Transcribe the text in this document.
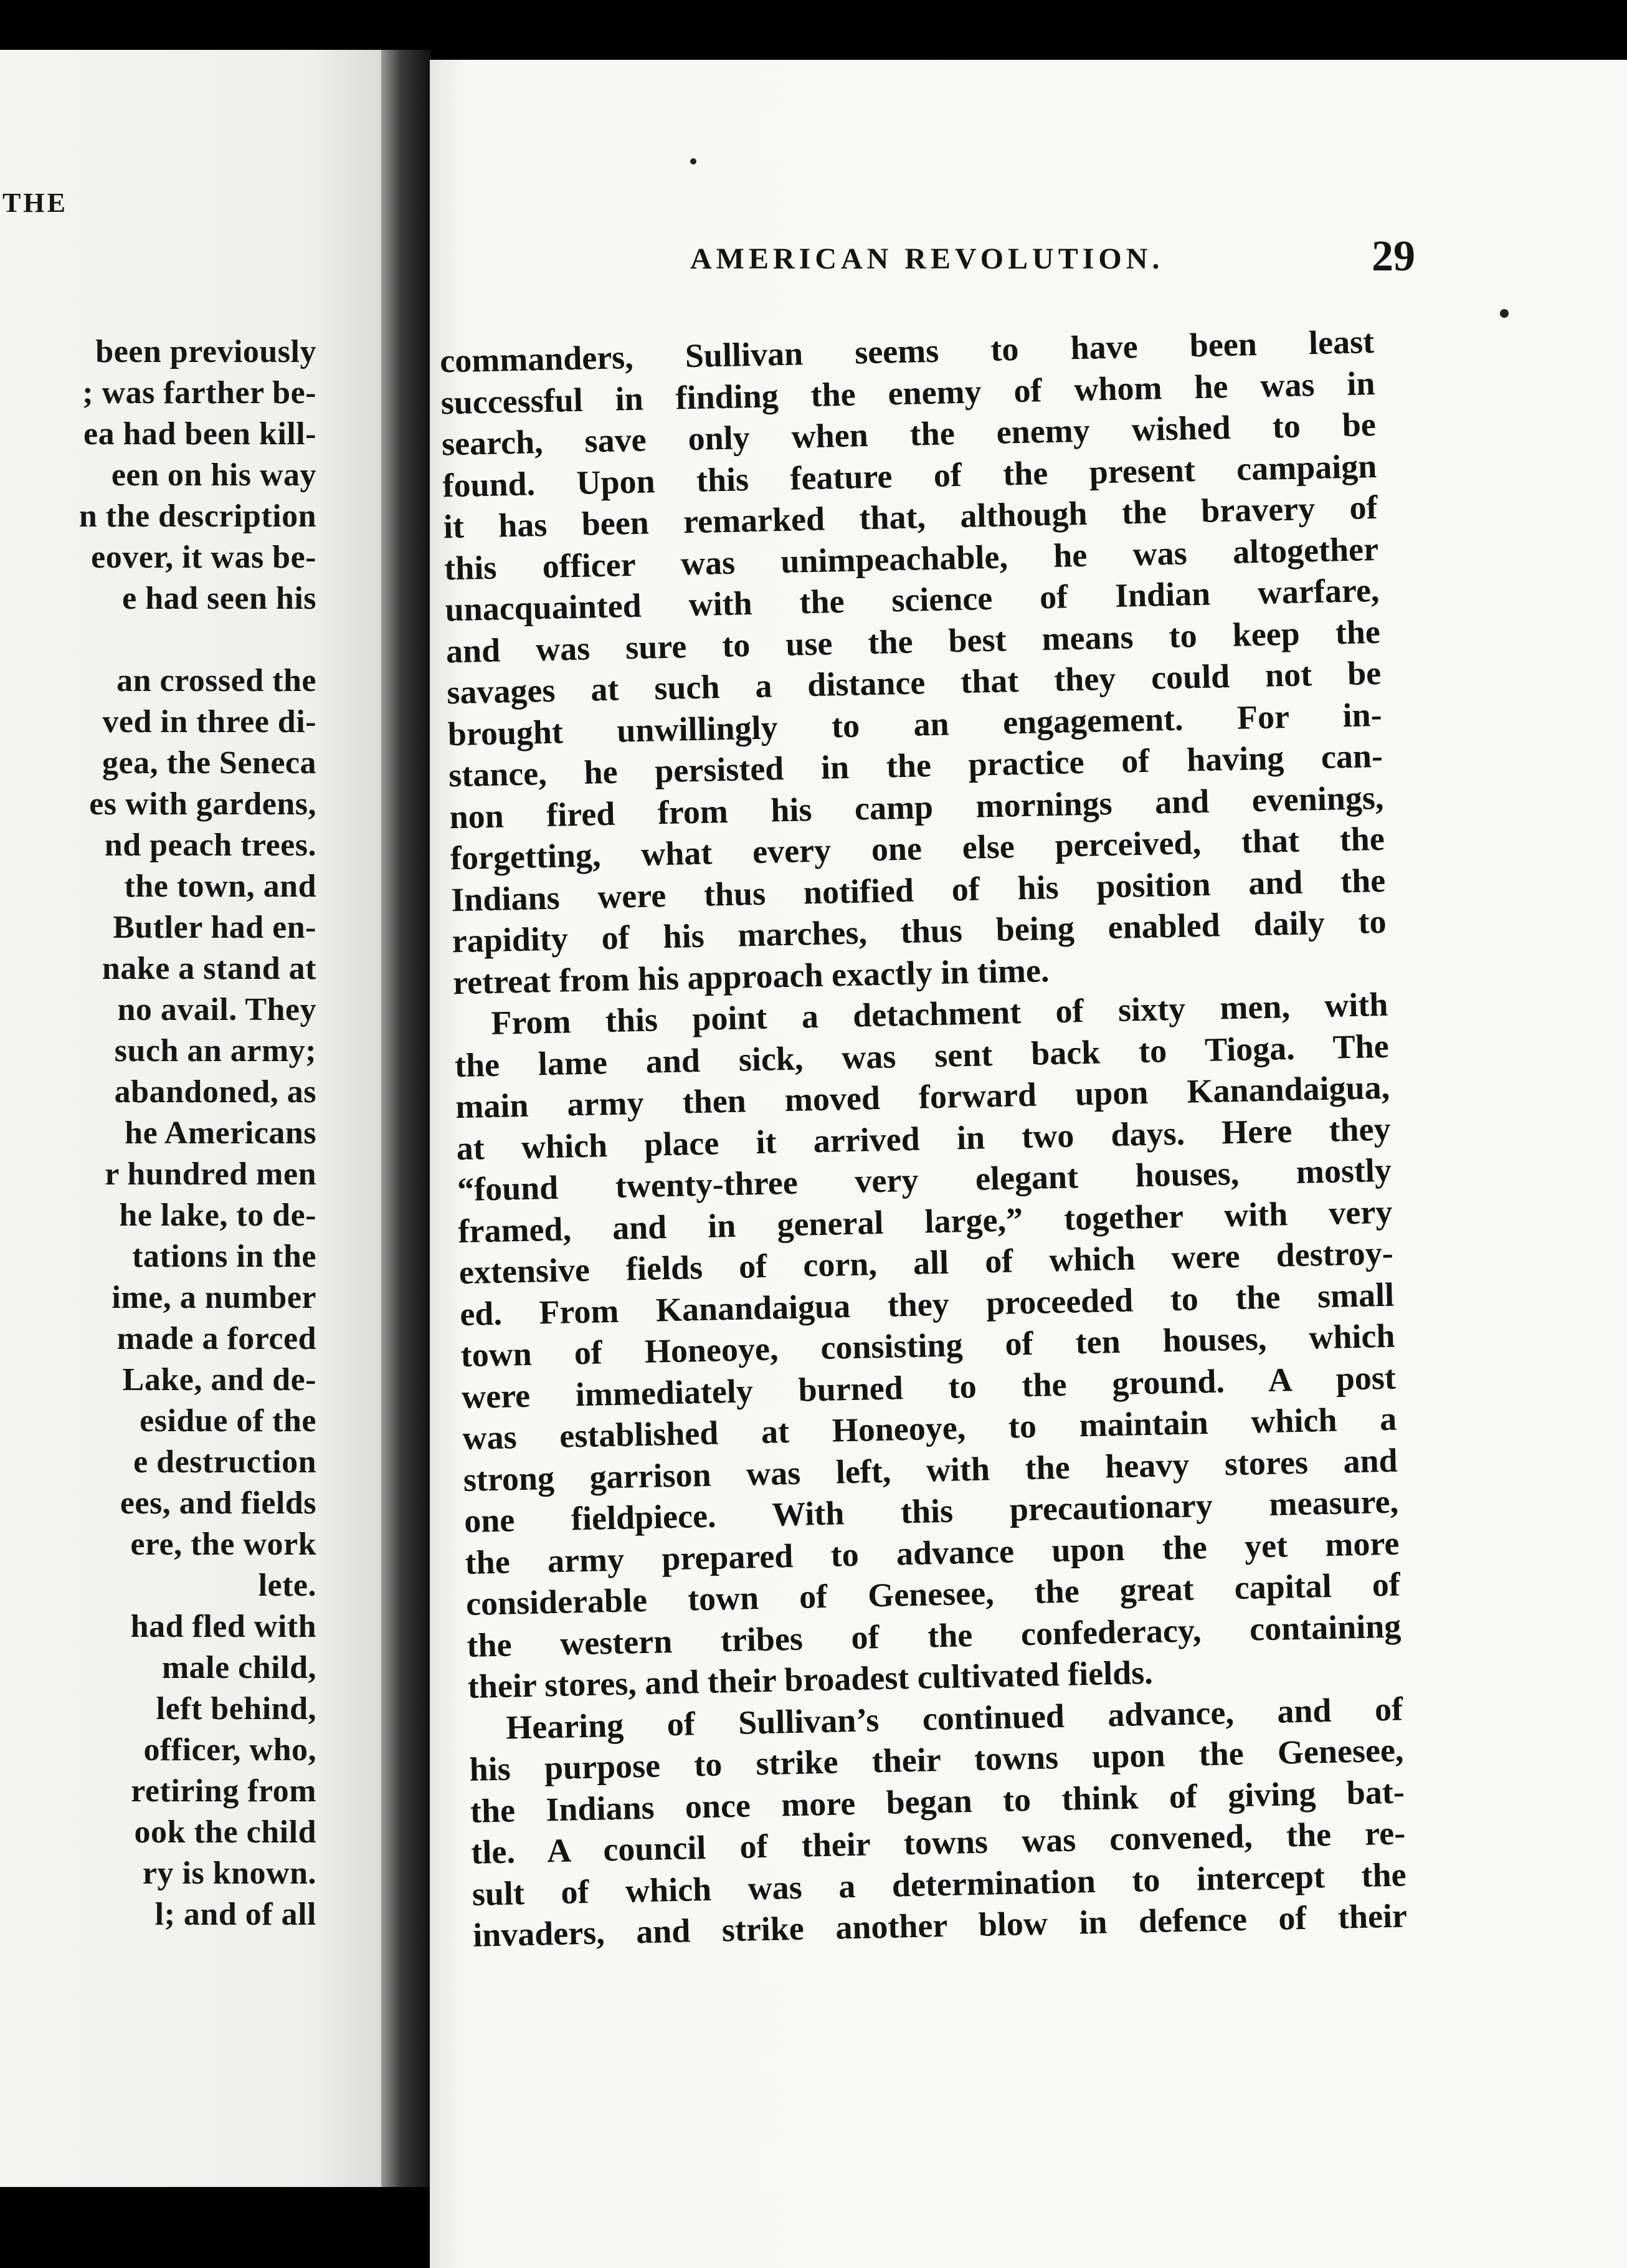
THE
been previously
; was farther be-
ea had been kill-
een on his way
n the description
eover, it was be-
e had seen his
an crossed the
ved in three di-
gea, the Seneca
es with gardens,
nd peach trees.
the town, and
Butler had en-
nake a stand at
no avail. They
such an army;
abandoned, as
he Americans
r hundred men
he lake, to de-
tations in the
ime, a number
made a forced
Lake, and de-
esidue of the
e destruction
ees, and fields
ere, the work
lete.
had fled with
male child,
left behind,
officer, who,
retiring from
ook the child
ry is known.
l; and of all
AMERICAN REVOLUTION.	29
commanders, Sullivan seems to have been least
successful in finding the enemy of whom he was in
search, save only when the enemy wished to be
found. Upon this feature of the present campaign
it has been remarked that, although the bravery of
this officer was unimpeachable, he was altogether
unacquainted with the science of Indian warfare,
and was sure to use the best means to keep the
savages at such a distance that they could not be
brought unwillingly to an engagement. For in-
stance, he persisted in the practice of having can-
non fired from his camp mornings and evenings,
forgetting, what every one else perceived, that the
Indians were thus notified of his position and the
rapidity of his marches, thus being enabled daily to
retreat from his approach exactly in time.
From this point a detachment of sixty men, with
the lame and sick, was sent back to Tioga. The
main army then moved forward upon Kanandaigua,
at which place it arrived in two days. Here they
“found twenty-three very elegant houses, mostly
framed, and in general large,” together with very
extensive fields of corn, all of which were destroy-
ed. From Kanandaigua they proceeded to the small
town of Honeoye, consisting of ten houses, which
were immediately burned to the ground. A post
was established at Honeoye, to maintain which a
strong garrison was left, with the heavy stores and
one fieldpiece. With this precautionary measure,
the army prepared to advance upon the yet more
considerable town of Genesee, the great capital of
the western tribes of the confederacy, containing
their stores, and their broadest cultivated fields.
Hearing of Sullivan’s continued advance, and of
his purpose to strike their towns upon the Genesee,
the Indians once more began to think of giving bat-
tle. A council of their towns was convened, the re-
sult of which was a determination to intercept the
invaders, and strike another blow in defence of their
